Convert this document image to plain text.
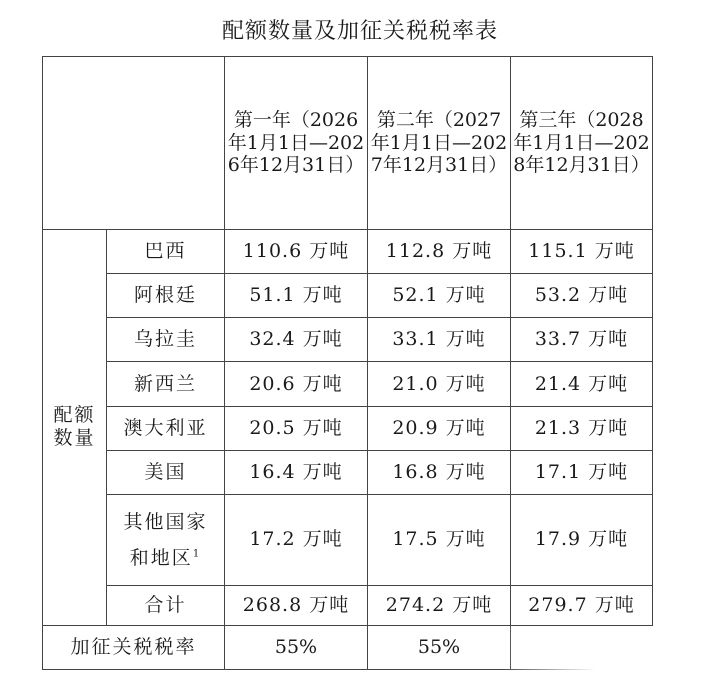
配额数量及加征关税税率表
		第一年（2026年1月1日—2026年12月31日）	第二年（2027年1月1日—2027年12月31日）	第三年（2028年1月1日—2028年12月31日）
配额
数量	巴西	110.6 万吨	112.8 万吨	115.1 万吨
	阿根廷	51.1 万吨	52.1 万吨	53.2 万吨
	乌拉圭	32.4 万吨	33.1 万吨	33.7 万吨
	新西兰	20.6 万吨	21.0 万吨	21.4 万吨
	澳大利亚	20.5 万吨	20.9 万吨	21.3 万吨
	美国	16.4 万吨	16.8 万吨	17.1 万吨
	其他国家
和地区$^1$	17.2 万吨	17.5 万吨	17.9 万吨
	合计	268.8 万吨	274.2 万吨	279.7 万吨
加征关税税率		55%	55%	
